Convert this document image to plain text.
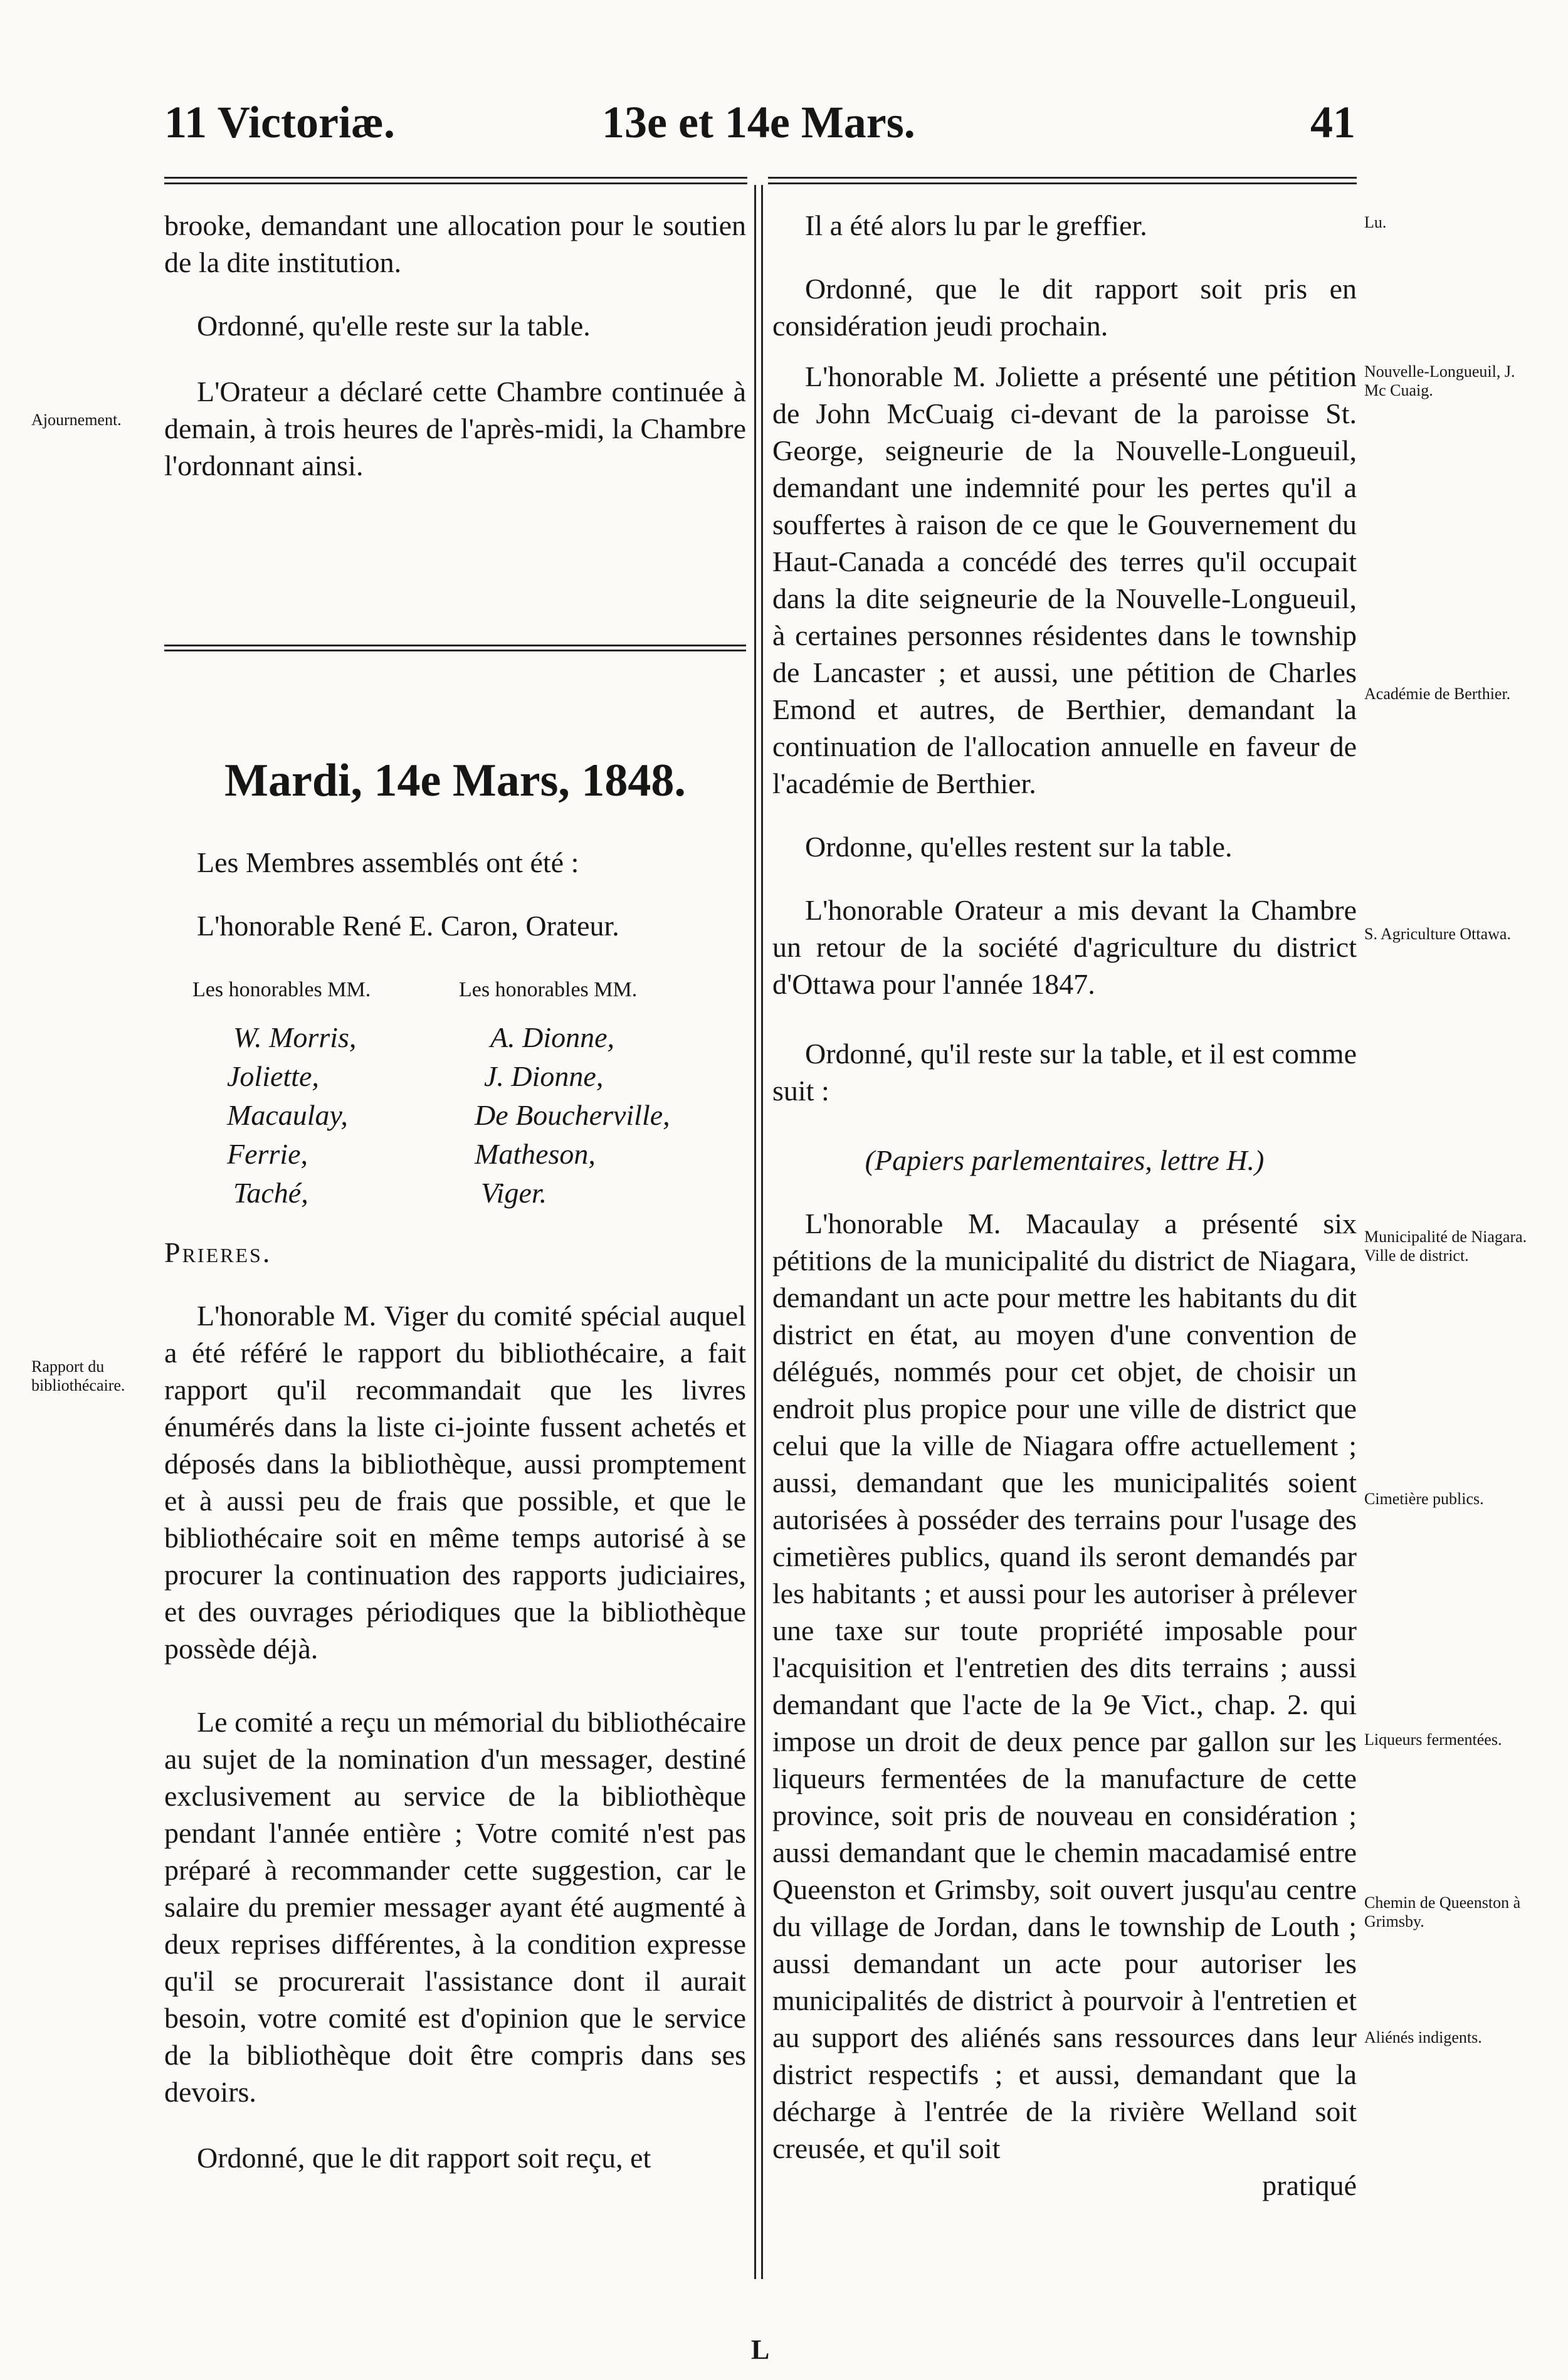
11 Victoriæ.	13e et 14e Mars.	41
Ajournement.
Rapport du bibliothécaire.

brooke, demandant une allocation pour le soutien de la dite institution.

Ordonné, qu'elle reste sur la table.

L'Orateur a déclaré cette Chambre continuée à demain, à trois heures de l'après-midi, la Chambre l'ordonnant ainsi.

Mardi, 14e Mars, 1848.

Les Membres assemblés ont été :

L'honorable René E. Caron, Orateur.

Les honorables MM.
W. Morris,
Joliette,
Macaulay,
Ferrie,
Taché,
Les honorables MM.
A. Dionne,
J. Dionne,
De Boucherville,
Matheson,
Viger.

Prieres.

L'honorable M. Viger du comité spécial auquel a été référé le rapport du bibliothécaire, a fait rapport qu'il recommandait que les livres énumérés dans la liste ci-jointe fussent achetés et déposés dans la bibliothèque, aussi promptement et à aussi peu de frais que possible, et que le bibliothécaire soit en même temps autorisé à se procurer la continuation des rapports judiciaires, et des ouvrages périodiques que la bibliothèque possède déjà.

Le comité a reçu un mémorial du bibliothécaire au sujet de la nomination d'un messager, destiné exclusivement au service de la bibliothèque pendant l'année entière ; Votre comité n'est pas préparé à recommander cette suggestion, car le salaire du premier messager ayant été augmenté à deux reprises différentes, à la condition expresse qu'il se procurerait l'assistance dont il aurait besoin, votre comité est d'opinion que le service de la bibliothèque doit être compris dans ses devoirs.

Ordonné, que le dit rapport soit reçu, et

Lu.
Nouvelle-Longueuil, J. Mc Cuaig.
Académie de Berthier.
S. Agriculture Ottawa.
Municipalité de Niagara. Ville de district.
Cimetière publics.
Liqueurs fermentées.
Chemin de Queenston à Grimsby.
Aliénés indigents.

Il a été alors lu par le greffier.

Ordonné, que le dit rapport soit pris en considération jeudi prochain.

L'honorable M. Joliette a présenté une pétition de John McCuaig ci-devant de la paroisse St. George, seigneurie de la Nouvelle-Longueuil, demandant une indemnité pour les pertes qu'il a souffertes à raison de ce que le Gouvernement du Haut-Canada a concédé des terres qu'il occupait dans la dite seigneurie de la Nouvelle-Longueuil, à certaines personnes résidentes dans le township de Lancaster ; et aussi, une pétition de Charles Emond et autres, de Berthier, demandant la continuation de l'allocation annuelle en faveur de l'académie de Berthier.

Ordonne, qu'elles restent sur la table.

L'honorable Orateur a mis devant la Chambre un retour de la société d'agriculture du district d'Ottawa pour l'année 1847.

Ordonné, qu'il reste sur la table, et il est comme suit :

(Papiers parlementaires, lettre H.)

L'honorable M. Macaulay a présenté six pétitions de la municipalité du district de Niagara, demandant un acte pour mettre les habitants du dit district en état, au moyen d'une convention de délégués, nommés pour cet objet, de choisir un endroit plus propice pour une ville de district que celui que la ville de Niagara offre actuellement ; aussi, demandant que les municipalités soient autorisées à posséder des terrains pour l'usage des cimetières publics, quand ils seront demandés par les habitants ; et aussi pour les autoriser à prélever une taxe sur toute propriété imposable pour l'acquisition et l'entretien des dits terrains ; aussi demandant que l'acte de la 9e Vict., chap. 2. qui impose un droit de deux pence par gallon sur les liqueurs fermentées de la manufacture de cette province, soit pris de nouveau en considération ; aussi demandant que le chemin macadamisé entre Queenston et Grimsby, soit ouvert jusqu'au centre du village de Jordan, dans le township de Louth ; aussi demandant un acte pour autoriser les municipalités de district à pourvoir à l'entretien et au support des aliénés sans ressources dans leur district respectifs ; et aussi, demandant que la décharge à l'entrée de la rivière Welland soit creusée, et qu'il soit

pratiqué

L
